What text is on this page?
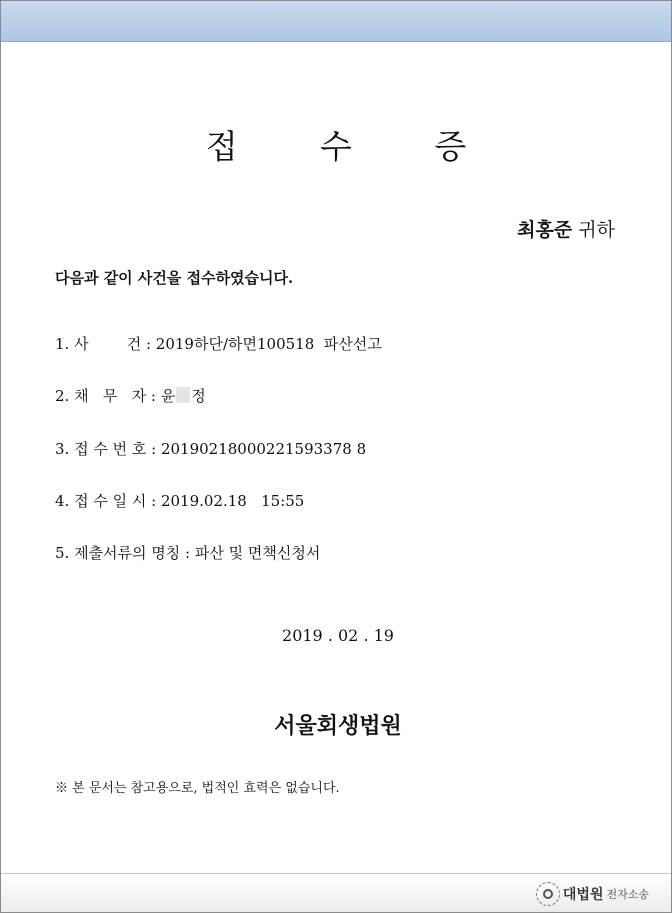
접 수 증
최홍준 귀하
다음과 같이 사건을 접수하였습니다.
1. 사        건 : 2019하단/하면100518  파산선고
2. 채   무   자 : 윤 정
3. 접 수 번 호 : 20190218000221593378 8
4. 접 수 일 시 : 2019.02.18   15:55
5. 제출서류의 명칭 : 파산 및 면책신청서
2019 . 02 . 19
서울회생법원
※ 본 문서는 참고용으로, 법적인 효력은 없습니다.
대법원 전자소송
